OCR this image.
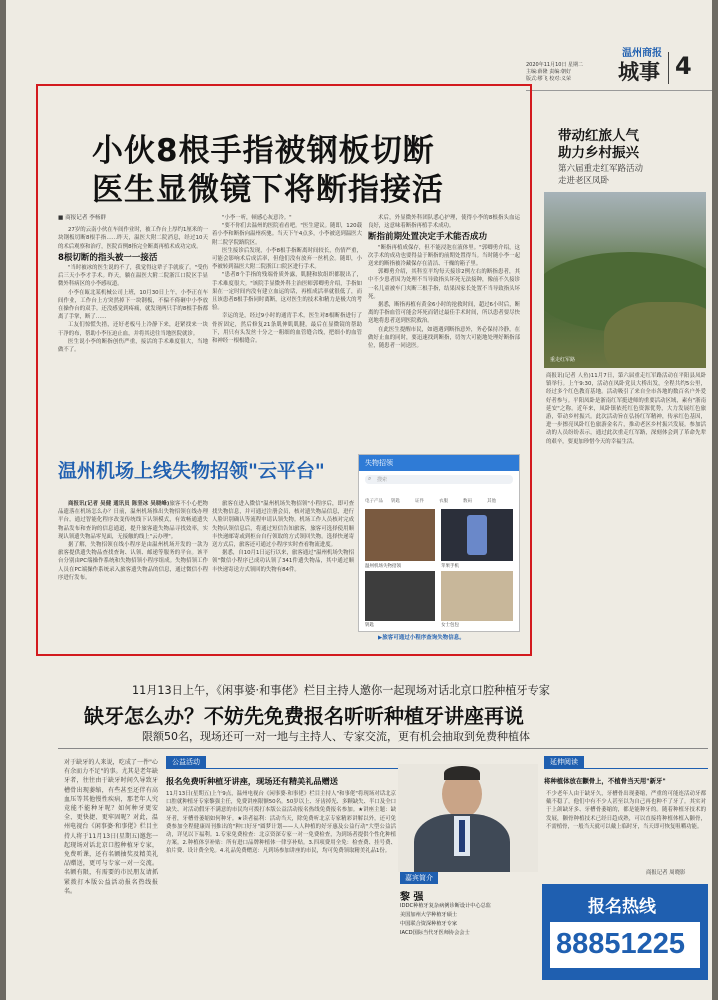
2020年11月10日 星期二
主编:薛隆 责编:朝好
版式:缪飞 校对:义荣
温州商报
城事 4
小伙8根手指被钢板切断
医生显微镜下将断指接活
■ 商报记者 李杨群

27岁的云南小伙在车间作业时，被工作台上厚约1厘米的一块钢板切断8根手指……昨天，温医大附二院消息，经过10天的术后观察和治疗，医院首例8指完全断离再植术成功完成。

8根切断的指头被一一接活

"当时被冰的医生说的不了，我觉得这辈子手就废了。"受伤后三天小李才手术。昨天，躺在温医大附二院浙江口院区手显微外科病区的小李感叹道。

小李在瓯北某机械公司上班，10月30日上午，小李正在车间作业，工作台上方突然掉下一块钢板，不偏不倚砸中小李放在操作台的双手。还没感觉到疼痛，就发现两只手的8根手指都离了手掌，断了……

工友们惊慌失措，还好老板马上冷静下来，赶紧找来一块干净的布，帮助小李压迫止血，并将其送往当地医院就诊。

医生说小李的断指创伤严重，接活的手术难度很大，当地做不了。

"小李一听，顿感心灰意冷。"

"要不你们去温州的医院看看吧。"医生建议。随即，120载着小李和断指向温州疾驰。当天下午4点多，小李被送到温医大附二院学院路院区。

医生接诊后发现，小李8根手指断离时间较长，伤情严重，可能会影响术后成活率，但他们没有放弃一丝机会。随即，小李被转到温医大附二院浙江口院区进行手术。

"患者8个手指的残端骨质外露，肌腱和软组织都脱出了，手术难度很大。"该院手显微外科主治医师郭卿勇介绍，手指如果在一定时间内没有建立血运的话，再植成活率就很低了，而且该患者8根手指同时离断，这对医生的技术和精力是极大的考验。

幸运的是，经过9小时的通宵手术，医生对8根断指进行了骨折固定，然后修复21条肌伸肌肌腱，最后在显微镜的帮助下，用只有头发丝十分之一粗细的血管缝合线，把细小的血管和神经一根根缝合。

术后，外显微外科团队悉心护理，使得小李的8根指头血运良好，这意味着断指再植手术成功。

断指前期处置决定手术能否成功

"断指再植成保存，但不能浸泡在液体里。"郭卿勇介绍，这次手术的成功也要得益于断指的前期处置得当。当时随小李一起送来的断指被冷藏保存在清洁、干燥的箱子里。

郭卿勇介绍，其科室平均每天接诊2例左右的断指患者，其中不少患者因为处理不当导致指头坏死无法接种，像前不久接诊一名儿童被车门夹断三根手指，结果因家长处置不当导致指头坏死。

据悉，断指再植有黄金6小时的抢救时间，超过6小时后，断离的手指血管可能会坏死而错过最佳手术时间，所以患者要尽快送地将患者送到医院救治。

在此医生提醒市民，如遇遇到断指意外，务必保持冷静，在做好止血的同时，要迅速找到断指，切勿大可能地处理好断指部位，随患者一同送医。

温州机场上线失物招领"云平台"

商报讯(记者 吴健 通讯员 陈坚冰 吴晓峰)旅客不小心把物品遗落在机场怎么办？日前，温州机场推出失物招领在线办理平台，通过智能化程序改变传统线下认领模式，有效畅通遗失物品发布和查询的信息通道，提升旅客遗失物品寻找效率，实现认领遗失物品零见面，无接触的线上"云办理"。

据了解，失物招领在线小程序是由温州机场开发的一款为旅客提供遗失物品查找查询、认领、邮递等服务的平台。该平台分别由PC端操作系统和失物招领小程序组成。失物招领工作人员在PC端操作系统录入旅客遗失物品的信息，通过微信小程序进行发布。

旅客在进入微信"温州机场失物招领"小程序后，即可查找失物信息，并可通过注册会员，核对遗失物品信息，进行人脸识别确认等流程申请认领失物。机场工作人员核对完成失物认领信息后，将通过短信告知旅客，旅客可选择使用顺丰快递邮寄或到柜台自行领取的方式领回失物。选择快递寄送方式后，旅客还可通过小程序实时查看物流进度。

据悉，自10月1日运行以来，旅客通过"温州机场失物招领"微信小程序已成功认领了341件遗失物品，其中通过顺丰快递寄送方式领回的失物有84件。

失物招领
⌕ 搜索
电子产品 钥匙	证件	衣服	数码	其他
温州机场失物招领	苹果手机
钥匙	女士包包
▶旅客可通过小程序查询失物信息。
带动红旅人气
助力乡村振兴
第六届重走红军路活动
走进老区凤卧
重走红军路
商报讯(记者 人鱼)11月7日，第六届重走红军路活动在平阳县凤卧镇举行。上午9:30，活动在凤卧党员大桥出发，全程共约5公里，经过多个红色教育基地。活动吸引了来自全市各地的数百名户外爱好者参与。平阳凤卧是浙南红军挺进师的重要活动区域，素有"浙南延安"之称。近年来，凤卧镇依托红色资源优势，大力发展红色旅游，带动乡村振兴。此次活动旨在弘扬红军精神，传承红色基因，进一步擦亮凤卧红色旅游金名片，推动老区乡村振兴发展。参加活动的人员纷纷表示，通过此次重走红军路，深刻体会到了革命先辈的艰辛，要更加珍惜今天的幸福生活。
11月13日上午，《闲事婆·和事佬》栏目主持人邀你一起现场对话北京口腔种植牙专家
缺牙怎么办？不妨先免费报名听听种植牙讲座再说
限额50名，现场还可一对一地与主持人、专家交流，更有机会抽取到免费种植体
对于缺牙的人来说，吃成了一件"心有余而力不足"的事。尤其是老年缺牙者，往往由于缺牙时间久导致牙槽骨出现萎缩，有些甚至还伴有高血压等其他慢性疾病，那老年人究竟能不能种牙呢？如何种牙更安全、更快捷、更牢固呢？对此，温州电视台《闲事婆·和事佬》栏目主持人将于11月13日(星期五)邀您一起现场对话北京口腔种植牙专家，免费听课，还有名额抽奖及精美礼品赠送，更可与专家一对一交流。名额有限，有需要的市民朋友请抓紧拨打本版公益活动报名热线报名。
公益活动
报名免费听种植牙讲座，现场还有精美礼品赠送
11月13日(星期五)上午9点，温州电视台《闲事婆·和事佬》栏目主持人"和事佬"将现场对话北京口腔就种植牙专家黎强主任，免费讲座限额50名。50岁以上、牙齿掉光、多颗缺失、半口及全口缺失、对活动假牙不满意的市民均可拨打本版公益活动报名热线免费报名参加。★讲座主题：缺牙者，牙槽骨萎缩如何种牙。★读者福利：活动当天，除免费听北京专家精彩讲解以外，还可免费参加全程健康周刊推出的"种口好牙"圆梦计划——人人种植的好牙惠及公益行动"大型公益活动，详见以下福利。1.专家免费检查：北京资深专家一对一免费检查，为到场者提供个性化种植方案。2.种植体享补贴：所有进口品牌种植体一律享补贴。3.四项费用全免：检查费、挂号费、拍片费、设计费全免。4.礼品免费赠送：凡到场参加讲座的市民，均可免费领取精美礼品1份。
嘉宾简介
黎 强
IDDC种植牙复杂病例诊断设计中心总监
美国加州大学种植牙硕士
中国联合资深种植牙专家
IACD国际当代牙医师协会会士
延伸阅读
将种植体放在颧骨上，不植骨当天用"新牙"
不少老年人由于缺牙久，牙槽骨出现萎缩，严重的可能连活动牙都戴不稳了，他们中有不少人甚至以为自己再也种不了牙了。其实对于上颌缺牙多、牙槽骨萎缩的，都是能种牙的。随着种植牙技术的发展，颧骨种植技术已经日趋成熟，可以直接将种植体植入颧骨，不需植骨，一般当天就可以戴上临时牙，当天即可恢复咀嚼功能。
商报记者 周晓影
报名热线
88851225
